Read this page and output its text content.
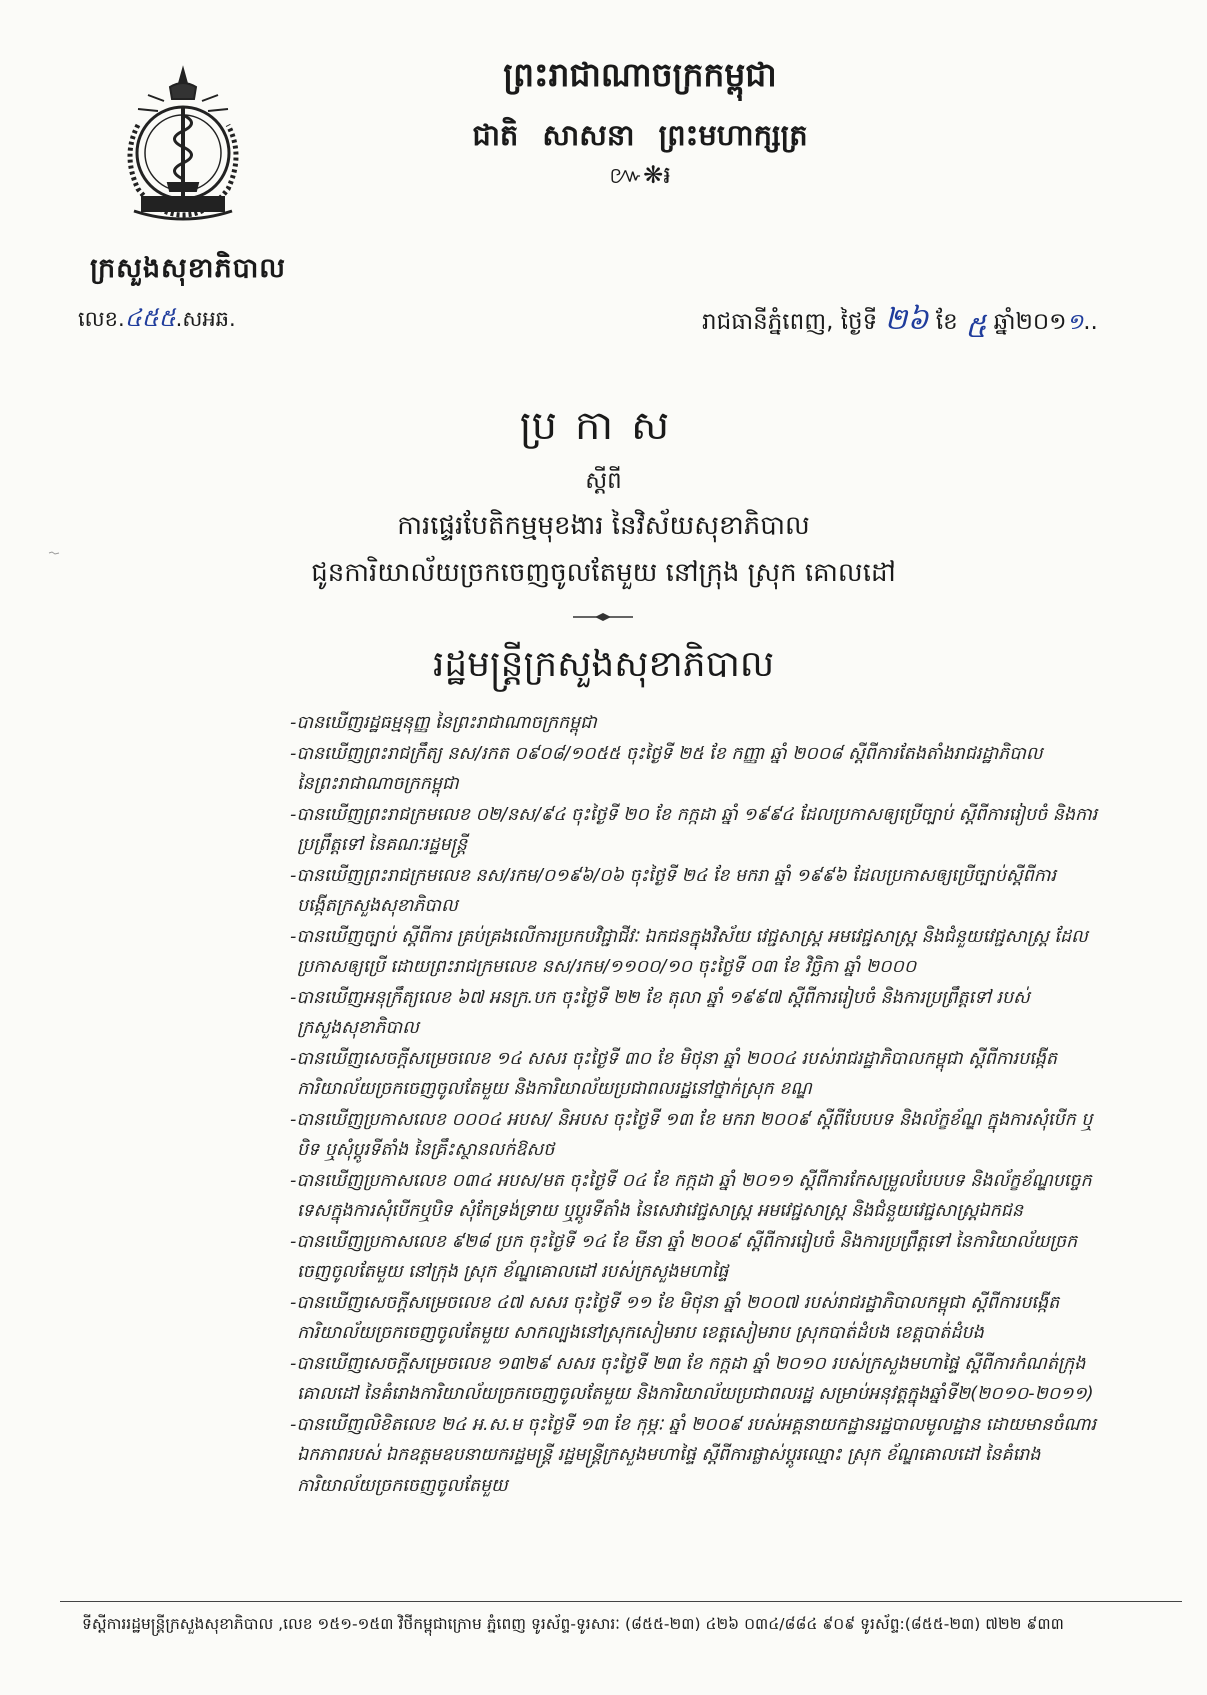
ក្រសួងសុខាភិបាល
លេខ.៤៥៥.សអឆ.
ព្រះរាជាណាចក្រកម្ពុជា
ជាតិ សាសនា ព្រះមហាក្សត្រ
៚❋៛
រាជធានីភ្នំពេញ, ថ្ងៃទី ២៦ ខែ ៥ ឆ្នាំ២០១១..
ប្រកាស
ស្តីពី
ការផ្ទេរបែតិកម្មមុខងារ នៃវិស័យសុខាភិបាល
ជូនការិយាល័យច្រកចេញចូលតែមួយ នៅក្រុង ស្រុក គោលដៅ
រដ្ឋមន្ត្រីក្រសួងសុខាភិបាល
-បានឃើញរដ្ឋធម្មនុញ្ញ នៃព្រះរាជាណាចក្រកម្ពុជា
-បានឃើញព្រះរាជក្រឹត្យ នស/រកត ០៩០៨/១០៥៥ ចុះថ្ងៃទី ២៥ ខែ កញ្ញា ឆ្នាំ ២០០៨ ស្តីពីការតែងតាំងរាជរដ្ឋាភិបាល
នៃព្រះរាជាណាចក្រកម្ពុជា
-បានឃើញព្រះរាជក្រមលេខ ០២/នស/៩៤ ចុះថ្ងៃទី ២០ ខែ កក្កដា ឆ្នាំ ១៩៩៤ ដែលប្រកាសឲ្យប្រើច្បាប់ ស្តីពីការរៀបចំ និងការ
ប្រព្រឹត្តទៅ នៃគណៈរដ្ឋមន្ត្រី
-បានឃើញព្រះរាជក្រមលេខ នស/រកម/០១៩៦/០៦ ចុះថ្ងៃទី ២៤ ខែ មករា ឆ្នាំ ១៩៩៦ ដែលប្រកាសឲ្យប្រើច្បាប់ស្តីពីការ
បង្កើតក្រសួងសុខាភិបាល
-បានឃើញច្បាប់ ស្តីពីការ គ្រប់គ្រងលើការប្រកបវិជ្ជាជីវៈ ឯកជនក្នុងវិស័យ វេជ្ជសាស្ត្រ អមវេជ្ជសាស្ត្រ និងជំនួយវេជ្ជសាស្ត្រ ដែល
ប្រកាសឲ្យប្រើ ដោយព្រះរាជក្រមលេខ នស/រកម/១១០០/១០ ចុះថ្ងៃទី ០៣ ខែ វិច្ឆិកា ឆ្នាំ ២០០០
-បានឃើញអនុក្រឹត្យលេខ ៦៧ អនក្រ.បក ចុះថ្ងៃទី ២២ ខែ តុលា ឆ្នាំ ១៩៩៧ ស្តីពីការរៀបចំ និងការប្រព្រឹត្តទៅ របស់
ក្រសួងសុខាភិបាល
-បានឃើញសេចក្តីសម្រេចលេខ ១៤ សសរ ចុះថ្ងៃទី ៣០ ខែ មិថុនា ឆ្នាំ ២០០៤ របស់រាជរដ្ឋាភិបាលកម្ពុជា ស្តីពីការបង្កើត
ការិយាល័យច្រកចេញចូលតែមួយ និងការិយាល័យប្រជាពលរដ្ឋនៅថ្នាក់ស្រុក ខណ្ឌ
-បានឃើញប្រកាសលេខ ០០០៤ អបស/ និអបស ចុះថ្ងៃទី ១៣ ខែ មករា ២០០៩ ស្តីពីបែបបទ និងល័ក្ខខ័ណ្ឌ ក្នុងការសុំបើក ឬ
បិទ ឬសុំប្តូរទីតាំង នៃគ្រឹះស្ថានលក់ឱសថ
-បានឃើញប្រកាសលេខ ០៣៤ អបស/មត ចុះថ្ងៃទី ០៤ ខែ កក្កដា ឆ្នាំ ២០១១ ស្តីពីការកែសម្រួលបែបបទ និងល័ក្ខខ័ណ្ឌបច្ចេក
ទេសក្នុងការសុំបើកឬបិទ សុំកែទ្រង់ទ្រាយ ឬប្តូរទីតាំង នៃសេវាវេជ្ជសាស្ត្រ អមវេជ្ជសាស្ត្រ និងជំនួយវេជ្ជសាស្ត្រឯកជន
-បានឃើញប្រកាសលេខ ៩២៨ ប្រក ចុះថ្ងៃទី ១៤ ខែ មីនា ឆ្នាំ ២០០៩ ស្តីពីការរៀបចំ និងការប្រព្រឹត្តទៅ នៃការិយាល័យច្រក
ចេញចូលតែមួយ នៅក្រុង ស្រុក ខ័ណ្ឌគោលដៅ របស់ក្រសួងមហាផ្ទៃ
-បានឃើញសេចក្តីសម្រេចលេខ ៤៧ សសរ ចុះថ្ងៃទី ១១ ខែ មិថុនា ឆ្នាំ ២០០៧ របស់រាជរដ្ឋាភិបាលកម្ពុជា ស្តីពីការបង្កើត
ការិយាល័យច្រកចេញចូលតែមួយ សាកល្បងនៅស្រុកសៀមរាប ខេត្តសៀមរាប ស្រុកបាត់ដំបង ខេត្តបាត់ដំបង
-បានឃើញសេចក្តីសម្រេចលេខ ១៣២៩ សសរ ចុះថ្ងៃទី ២៣ ខែ កក្កដា ឆ្នាំ ២០១០ របស់ក្រសួងមហាផ្ទៃ ស្តីពីការកំណត់ក្រុង
គោលដៅ នៃគំរោងការិយាល័យច្រកចេញចូលតែមួយ និងការិយាល័យប្រជាពលរដ្ឋ សម្រាប់អនុវត្តក្នុងឆ្នាំទី២(២០១០-២០១១)
-បានឃើញលិខិតលេខ ២៤ អ.ស.ម ចុះថ្ងៃទី ១៣ ខែ កុម្ភៈ ឆ្នាំ ២០០៩ របស់អគ្គនាយកដ្ឋានរដ្ឋបាលមូលដ្ឋាន ដោយមានចំណារ
ឯកភាពរបស់ ឯកឧត្តមឧបនាយករដ្ឋមន្ត្រី រដ្ឋមន្ត្រីក្រសួងមហាផ្ទៃ ស្តីពីការផ្លាស់ប្តូរឈ្មោះ ស្រុក ខ័ណ្ឌគោលដៅ នៃគំរោង
ការិយាល័យច្រកចេញចូលតែមួយ
ទីស្តីការរដ្ឋមន្ត្រីក្រសួងសុខាភិបាល ,លេខ ១៥១-១៥៣ វិថីកម្ពុជាក្រោម ភ្នំពេញ ទូរស័ព្ទ-ទូរសារៈ (៨៥៥-២៣) ៤២៦ ០៣៤/៨៨៤ ៩០៩ ទូរស័ព្ទ:(៨៥៥-២៣) ៧២២ ៩៣៣
